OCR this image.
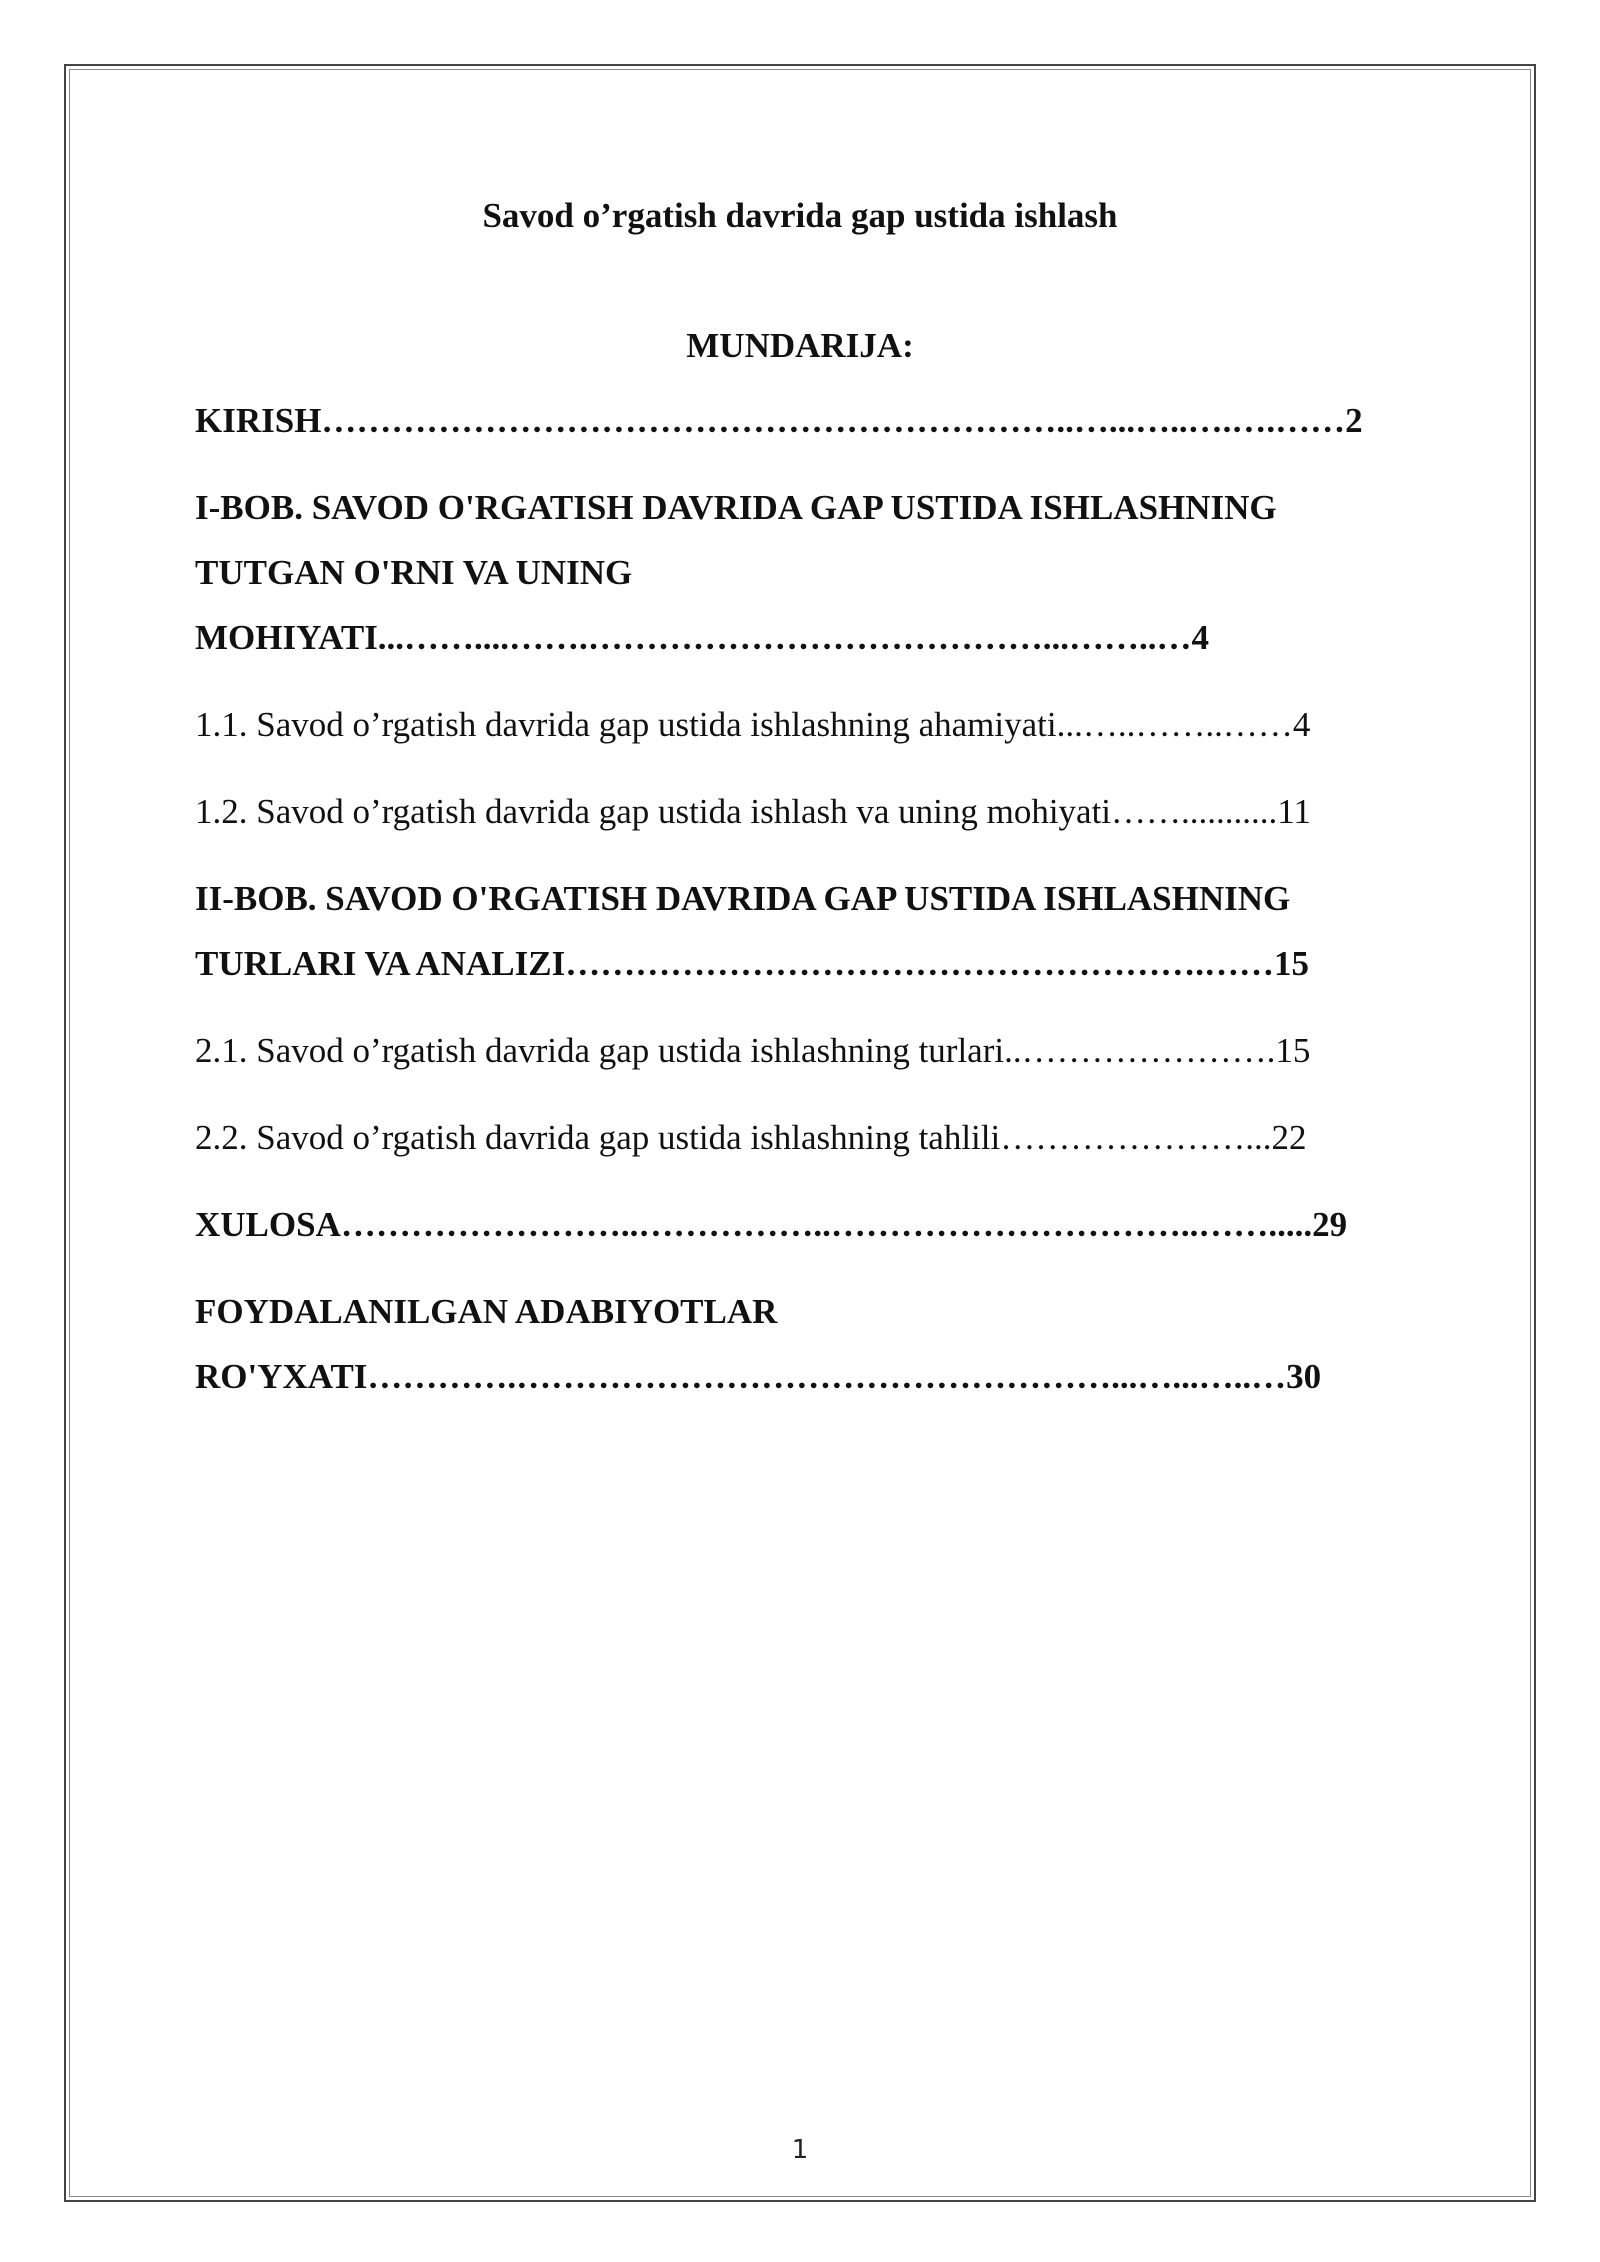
Savod o’rgatish davrida gap ustida ishlash
MUNDARIJA:
KIRISH………………………………………………………..…...…..….….……2
I-BOB. SAVOD O'RGATISH DAVRIDA GAP USTIDA ISHLASHNING
TUTGAN O'RNI VA UNING
MOHIYATI...……....…….…………………………………...……..…4
1.1. Savod o’rgatish davrida gap ustida ishlashning ahamiyati...…..……..……4
1.2. Savod o’rgatish davrida gap ustida ishlash va uning mohiyati……...........11
II-BOB. SAVOD O'RGATISH DAVRIDA GAP USTIDA ISHLASHNING
TURLARI VA ANALIZI……………………………………………….……15
2.1. Savod o’rgatish davrida gap ustida ishlashning turlari..………………….15
2.2. Savod o’rgatish davrida gap ustida ishlashning tahlili…………………...22
XULOSA……………………..……………..…………………………..…….....29
FOYDALANILGAN ADABIYOTLAR
RO'YXATI………….……………………………………………...…...…..…30
1
